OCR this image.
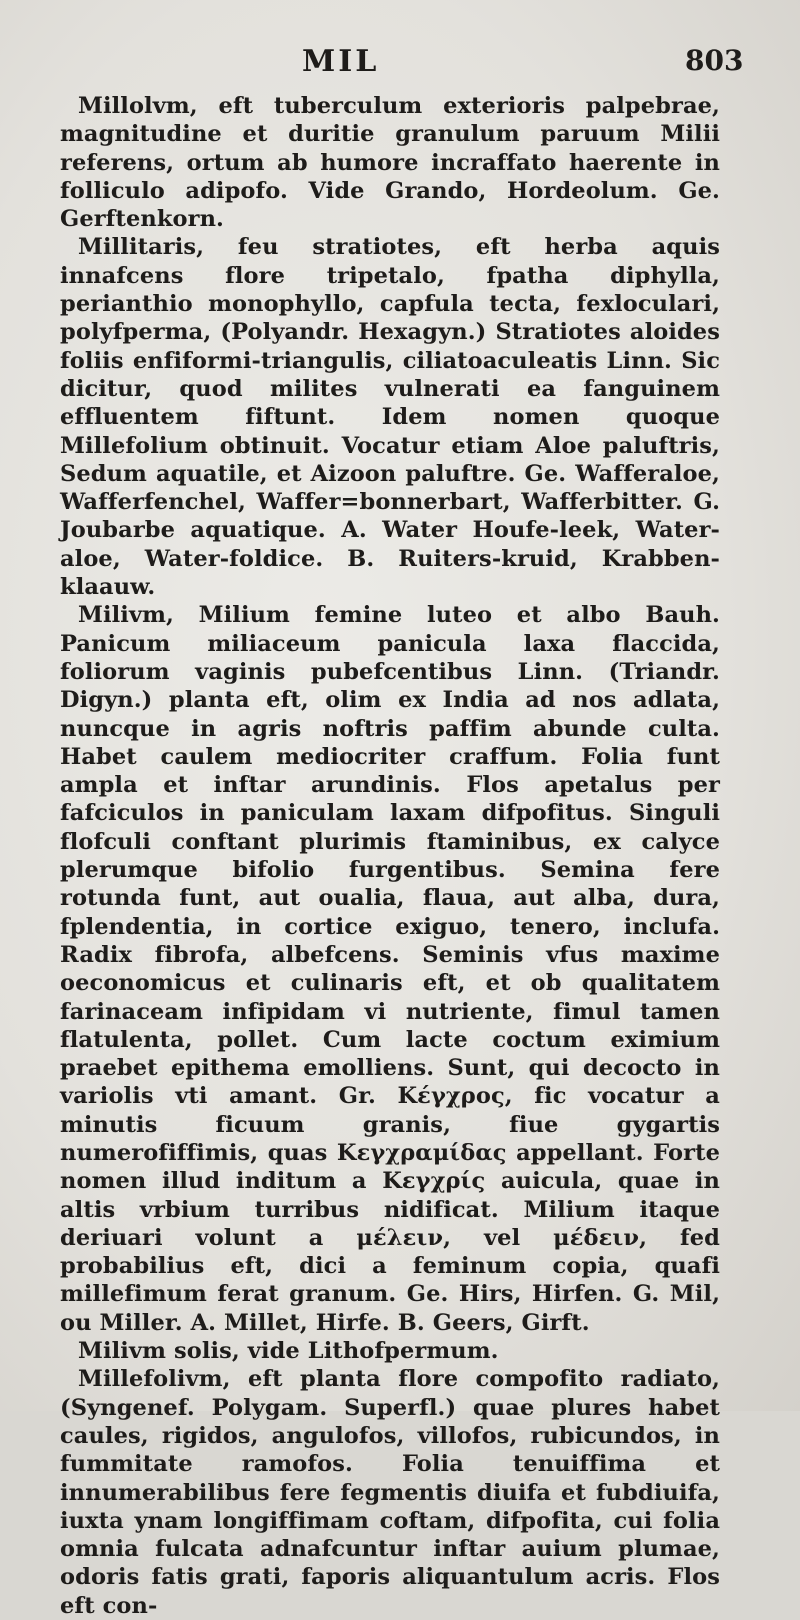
MIL	803

Millolvm, eft tuberculum exterioris palpebrae, magnitudine et duritie granulum paruum Milii referens, ortum ab humore incraffato haerente in folliculo adipofo. Vide Grando, Hordeolum. Ge. Gerftenkorn.

Millitaris, feu stratiotes, eft herba aquis innafcens flore tripetalo, fpatha diphylla, perianthio monophyllo, capfula tecta, fexloculari, polyfperma, (Polyandr. Hexagyn.) Stratiotes aloides foliis enfiformi-triangulis, ciliatoaculeatis Linn. Sic dicitur, quod milites vulnerati ea fanguinem effluentem fiftunt. Idem nomen quoque Millefolium obtinuit. Vocatur etiam Aloe paluftris, Sedum aquatile, et Aizoon paluftre. Ge. Wafferaloe, Wafferfenchel, Waffer=bonnerbart, Wafferbitter. G. Joubarbe aquatique. A. Water Houfe-leek, Water-aloe, Water-foldice. B. Ruiters-kruid, Krabben-klaauw.

Milivm, Milium femine luteo et albo Bauh. Panicum miliaceum panicula laxa flaccida, foliorum vaginis pubefcentibus Linn. (Triandr. Digyn.) planta eft, olim ex India ad nos adlata, nuncque in agris noftris paffim abunde culta. Habet caulem mediocriter craffum. Folia funt ampla et inftar arundinis. Flos apetalus per fafciculos in paniculam laxam difpofitus. Singuli flofculi conftant plurimis ftaminibus, ex calyce plerumque bifolio furgentibus. Semina fere rotunda funt, aut oualia, flaua, aut alba, dura, fplendentia, in cortice exiguo, tenero, inclufa. Radix fibrofa, albefcens. Seminis vfus maxime oeconomicus et culinaris eft, et ob qualitatem farinaceam infipidam vi nutriente, fimul tamen flatulenta, pollet. Cum lacte coctum eximium praebet epithema emolliens. Sunt, qui decocto in variolis vti amant. Gr. Κέγχρος, fic vocatur a minutis ficuum granis, fiue gygartis numerofiffimis, quas Κεγχραμίδας appellant. Forte nomen illud inditum a Κεγχρίς auicula, quae in altis vrbium turribus nidificat. Milium itaque deriuari volunt a μέλειν, vel μέδειν, fed probabilius eft, dici a feminum copia, quafi millefimum ferat granum. Ge. Hirs, Hirfen. G. Mil, ou Miller. A. Millet, Hirfe. B. Geers, Girft.

Milivm solis, vide Lithofpermum.

Millefolivm, eft planta flore compofito radiato, (Syngenef. Polygam. Superfl.) quae plures habet caules, rigidos, angulofos, villofos, rubicundos, in fummitate ramofos. Folia tenuiffima et innumerabilibus fere fegmentis diuifa et fubdiuifa, iuxta ynam longiffimam coftam, difpofita, cui folia omnia fulcata adnafcuntur inftar auium plumae, odoris fatis grati, faporis aliquantulum acris. Flos eft con-
